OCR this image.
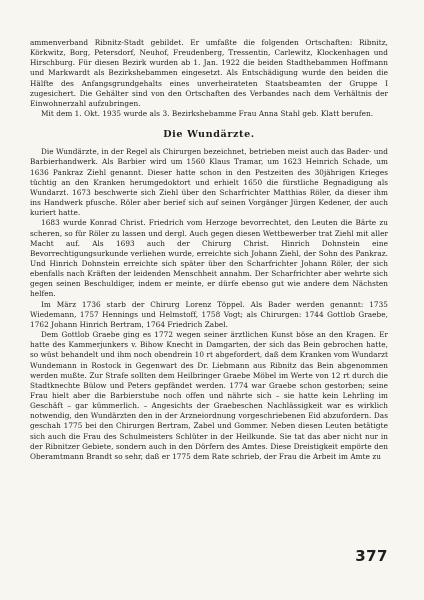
ammenverband Ribnitz-Stadt gebildet. Er umfaßte die folgenden Ortschaften: Ribnitz, Körkwitz, Borg, Petersdorf, Neuhof, Freudenberg, Tressentin, Carlewitz, Klockenhagen und Hirschburg. Für diesen Bezirk wurden ab 1. Jan. 1922 die beiden Stadthebammen Hoffmann und Markwardt als Bezirkshebammen eingesetzt. Als Entschädigung wurde den beiden die Hälfte des Anfangsgrundgehalts eines unverheirateten Staatsbeamten der Gruppe I zugesichert. Die Gehälter sind von den Ortschaften des Verbandes nach dem Verhältnis der Einwohnerzahl aufzubringen.

Mit dem 1. Okt. 1935 wurde als 3. Bezirkshebamme Frau Anna Stahl geb. Klatt berufen.

Die Wundärzte.

Die Wundärzte, in der Regel als Chirurgen bezeichnet, betrieben meist auch das Bader- und Barbierhandwerk. Als Barbier wird um 1560 Klaus Tramar, um 1623 Heinrich Schade, um 1636 Pankraz Ziehl genannt. Dieser hatte schon in den Pestzeiten des 30jährigen Krieges tüchtig an den Kranken herumgedoktort und erhielt 1650 die fürstliche Begnadigung als Wundarzt. 1673 beschwerte sich Ziehl über den Scharfrichter Matthias Röler, da dieser ihm ins Handwerk pfusche. Röler aber berief sich auf seinen Vorgänger Jürgen Kedener, der auch kuriert hatte.

1683 wurde Konrad Christ. Friedrich vom Herzoge bevorrechtet, den Leuten die Bärte zu scheren, so für Röler zu lassen und dergl. Auch gegen diesen Wettbewerber trat Ziehl mit aller Macht auf. Als 1693 auch der Chirurg Christ. Hinrich Dohnstein eine Bevorrechtigungsurkunde verliehen wurde, erreichte sich Johann Ziehl, der Sohn des Pankraz. Und Hinrich Dohnstein erreichte sich später über den Scharfrichter Johann Röler, der sich ebenfalls nach Kräften der leidenden Menschheit annahm. Der Scharfrichter aber wehrte sich gegen seinen Beschuldiger, indem er meinte, er dürfe ebenso gut wie andere dem Nächsten helfen.

Im März 1736 starb der Chirurg Lorenz Töppel. Als Bader werden genannt: 1735 Wiedemann, 1757 Hennings und Helmstoff, 1758 Vogt; als Chirurgen: 1744 Gottlob Graebe, 1762 Johann Hinrich Bertram, 1764 Friedrich Zabel.

Dem Gottlob Graebe ging es 1772 wegen seiner ärztlichen Kunst böse an den Kragen. Er hatte des Kammerjunkers v. Bihow Knecht in Damgarten, der sich das Bein gebrochen hatte, so wüst behandelt und ihm noch obendrein 10 rt abgefordert, daß dem Kranken vom Wundarzt Wundemann in Rostock in Gegenwart des Dr. Liebmann aus Ribnitz das Bein abgenommen werden mußte. Zur Strafe sollten dem Heilbringer Graebe Möbel im Werte von 12 rt durch die Stadtknechte Bülow und Peters gepfändet werden. 1774 war Graebe schon gestorben; seine Frau hielt aber die Barbierstube noch offen und nährte sich – sie hatte kein Lehrling im Geschäft – gar kümmerlich. – Angesichts der Graebeschen Nachlässigkeit war es wirklich notwendig, den Wundärzten den in der Arzneiordnung vorgeschriebenen Eid abzufordern. Das geschah 1775 bei den Chirurgen Bertram, Zabel und Gommer. Neben diesen Leuten betätigte sich auch die Frau des Schulmeisters Schlüter in der Heilkunde. Sie tat das aber nicht nur in der Ribnitzer Gebiete, sondern auch in den Dörfern des Amtes. Diese Dreistigkeit empörte den Oberamtmann Brandt so sehr, daß er 1775 dem Rate schrieb, der Frau die Arbeit im Amte zu

377
